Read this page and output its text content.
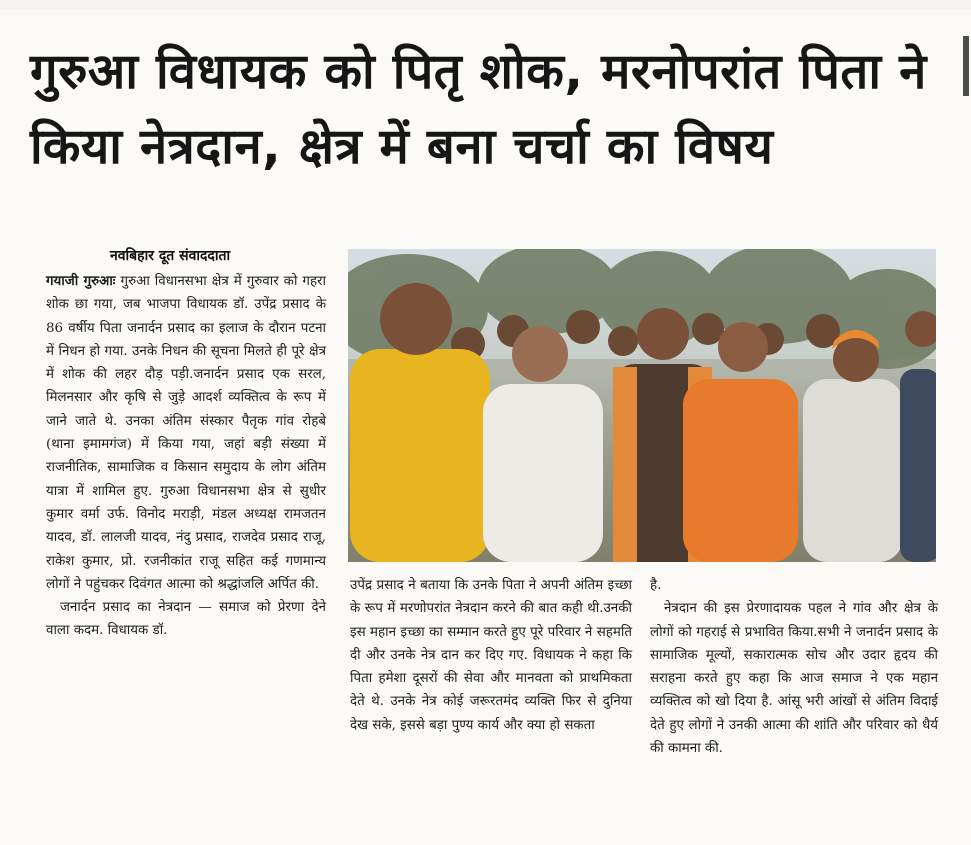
गुरुआ विधायक को पितृ शोक, मरनोपरांत पिता ने किया नेत्रदान, क्षेत्र में बना चर्चा का विषय
नवबिहार दूत संवाददाता

गयाजी गुरुआः गुरुआ विधानसभा क्षेत्र में गुरुवार को गहरा शोक छा गया, जब भाजपा विधायक डॉ. उपेंद्र प्रसाद के 86 वर्षीय पिता जनार्दन प्रसाद का इलाज के दौरान पटना में निधन हो गया. उनके निधन की सूचना मिलते ही पूरे क्षेत्र में शोक की लहर दौड़ पड़ी.जनार्दन प्रसाद एक सरल, मिलनसार और कृषि से जुड़े आदर्श व्यक्तित्व के रूप में जाने जाते थे. उनका अंतिम संस्कार पैतृक गांव रोहबे (थाना इमामगंज) में किया गया, जहां बड़ी संख्या में राजनीतिक, सामाजिक व किसान समुदाय के लोग अंतिम यात्रा में शामिल हुए. गुरुआ विधानसभा क्षेत्र से सुधीर कुमार वर्मा उर्फ. विनोद मराड़ी, मंडल अध्यक्ष रामजतन यादव, डॉ. लालजी यादव, नंदु प्रसाद, राजदेव प्रसाद राजू, राकेश कुमार, प्रो. रजनीकांत राजू सहित कई गणमान्य लोगों ने पहुंचकर दिवंगत आत्मा को श्रद्धांजलि अर्पित की.

जनार्दन प्रसाद का नेत्रदान — समाज को प्रेरणा देने वाला कदम. विधायक डॉ.

उपेंद्र प्रसाद ने बताया कि उनके पिता ने अपनी अंतिम इच्छा के रूप में मरणोपरांत नेत्रदान करने की बात कही थी.उनकी इस महान इच्छा का सम्मान करते हुए पूरे परिवार ने सहमति दी और उनके नेत्र दान कर दिए गए. विधायक ने कहा कि पिता हमेशा दूसरों की सेवा और मानवता को प्राथमिकता देते थे. उनके नेत्र कोई जरूरतमंद व्यक्ति फिर से दुनिया देख सके, इससे बड़ा पुण्य कार्य और क्या हो सकता

है.

नेत्रदान की इस प्रेरणादायक पहल ने गांव और क्षेत्र के लोगों को गहराई से प्रभावित किया.सभी ने जनार्दन प्रसाद के सामाजिक मूल्यों, सकारात्मक सोच और उदार हृदय की सराहना करते हुए कहा कि आज समाज ने एक महान व्यक्तित्व को खो दिया है. आंसू भरी आंखों से अंतिम विदाई देते हुए लोगों ने उनकी आत्मा की शांति और परिवार को धैर्य की कामना की.
